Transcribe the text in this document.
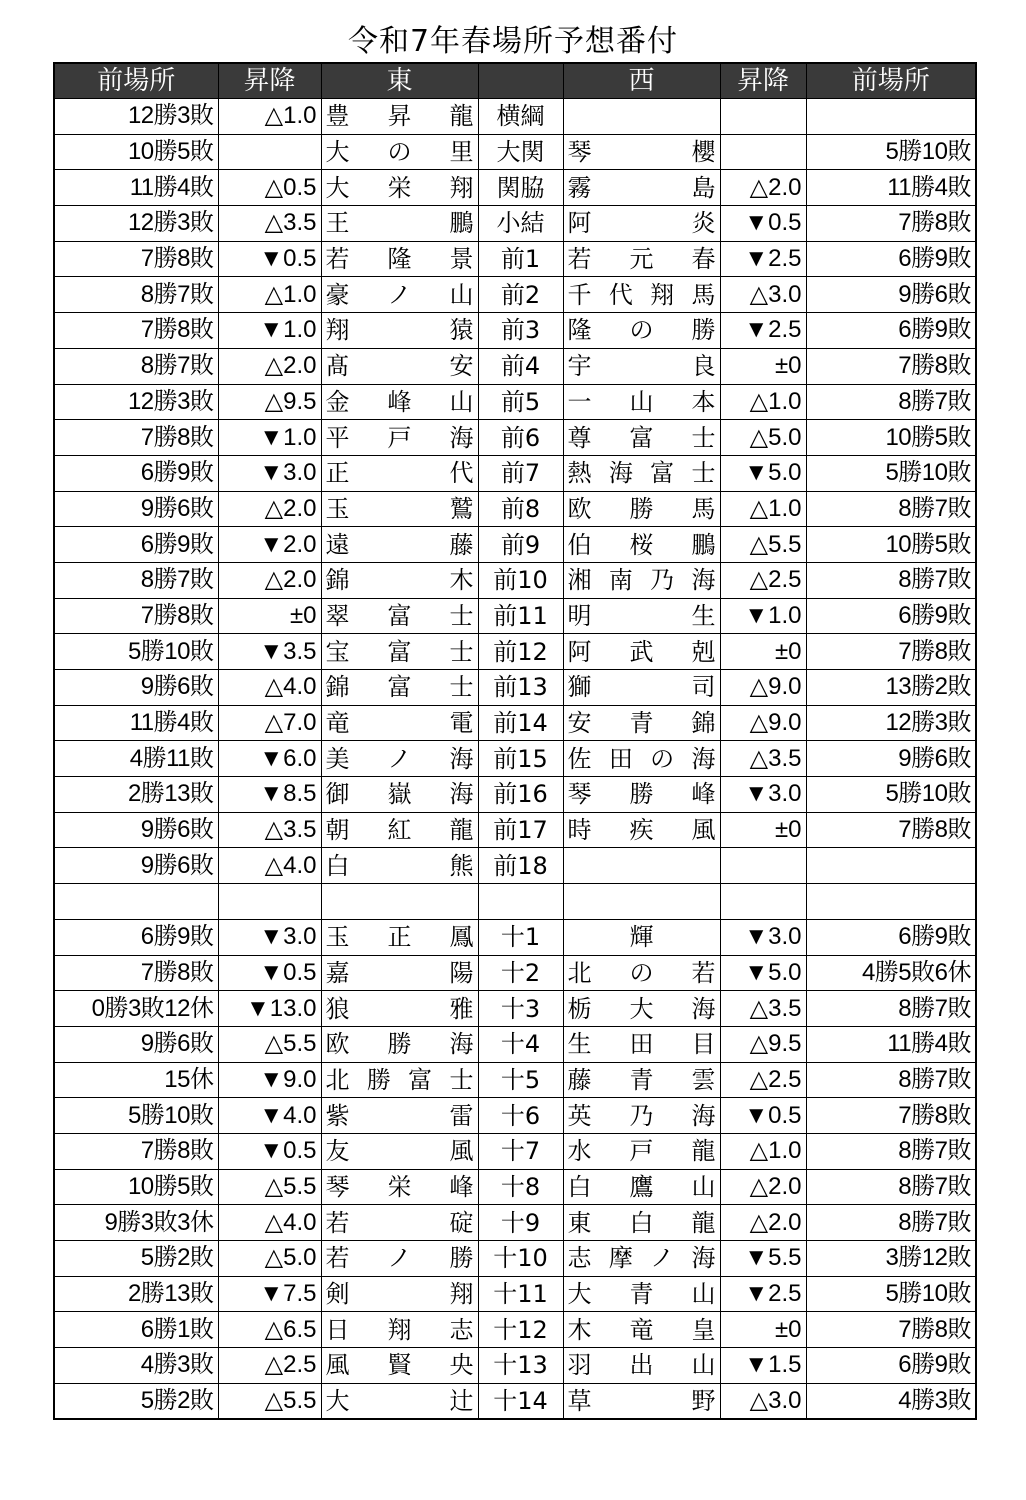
令和7年春場所予想番付
前場所	昇降	東		西	昇降	前場所
12勝3敗	△1.0	豊 昇 龍	横綱	

10勝5敗		大 の 里	大関	琴 櫻		5勝10敗
11勝4敗	△0.5	大 栄 翔	関脇	霧 島	△2.0	11勝4敗
12勝3敗	△3.5	王 鵬	小結	阿 炎	▼0.5	7勝8敗
7勝8敗	▼0.5	若 隆 景	前1	若 元 春	▼2.5	6勝9敗
8勝7敗	△1.0	豪 ノ 山	前2	千 代 翔 馬	△3.0	9勝6敗
7勝8敗	▼1.0	翔 猿	前3	隆 の 勝	▼2.5	6勝9敗
8勝7敗	△2.0	髙 安	前4	宇 良	±0	7勝8敗
12勝3敗	△9.5	金 峰 山	前5	一 山 本	△1.0	8勝7敗
7勝8敗	▼1.0	平 戸 海	前6	尊 富 士	△5.0	10勝5敗
6勝9敗	▼3.0	正 代	前7	熱 海 富 士	▼5.0	5勝10敗
9勝6敗	△2.0	玉 鷲	前8	欧 勝 馬	△1.0	8勝7敗
6勝9敗	▼2.0	遠 藤	前9	伯 桜 鵬	△5.5	10勝5敗
8勝7敗	△2.0	錦 木	前10	湘 南 乃 海	△2.5	8勝7敗
7勝8敗	±0	翠 富 士	前11	明 生	▼1.0	6勝9敗
5勝10敗	▼3.5	宝 富 士	前12	阿 武 剋	±0	7勝8敗
9勝6敗	△4.0	錦 富 士	前13	獅 司	△9.0	13勝2敗
11勝4敗	△7.0	竜 電	前14	安 青 錦	△9.0	12勝3敗
4勝11敗	▼6.0	美 ノ 海	前15	佐 田 の 海	△3.5	9勝6敗
2勝13敗	▼8.5	御 嶽 海	前16	琴 勝 峰	▼3.0	5勝10敗
9勝6敗	△3.5	朝 紅 龍	前17	時 疾 風	±0	7勝8敗
9勝6敗	△4.0	白 熊	前18	

6勝9敗	▼3.0	玉 正 鳳	十1	輝	▼3.0	6勝9敗
7勝8敗	▼0.5	嘉 陽	十2	北 の 若	▼5.0	4勝5敗6休
0勝3敗12休	▼13.0	狼 雅	十3	栃 大 海	△3.5	8勝7敗
9勝6敗	△5.5	欧 勝 海	十4	生 田 目	△9.5	11勝4敗
15休	▼9.0	北 勝 富 士	十5	藤 青 雲	△2.5	8勝7敗
5勝10敗	▼4.0	紫 雷	十6	英 乃 海	▼0.5	7勝8敗
7勝8敗	▼0.5	友 風	十7	水 戸 龍	△1.0	8勝7敗
10勝5敗	△5.5	琴 栄 峰	十8	白 鷹 山	△2.0	8勝7敗
9勝3敗3休	△4.0	若 碇	十9	東 白 龍	△2.0	8勝7敗
5勝2敗	△5.0	若 ノ 勝	十10	志 摩 ノ 海	▼5.5	3勝12敗
2勝13敗	▼7.5	剣 翔	十11	大 青 山	▼2.5	5勝10敗
6勝1敗	△6.5	日 翔 志	十12	木 竜 皇	±0	7勝8敗
4勝3敗	△2.5	風 賢 央	十13	羽 出 山	▼1.5	6勝9敗
5勝2敗	△5.5	大 辻	十14	草 野	△3.0	4勝3敗
